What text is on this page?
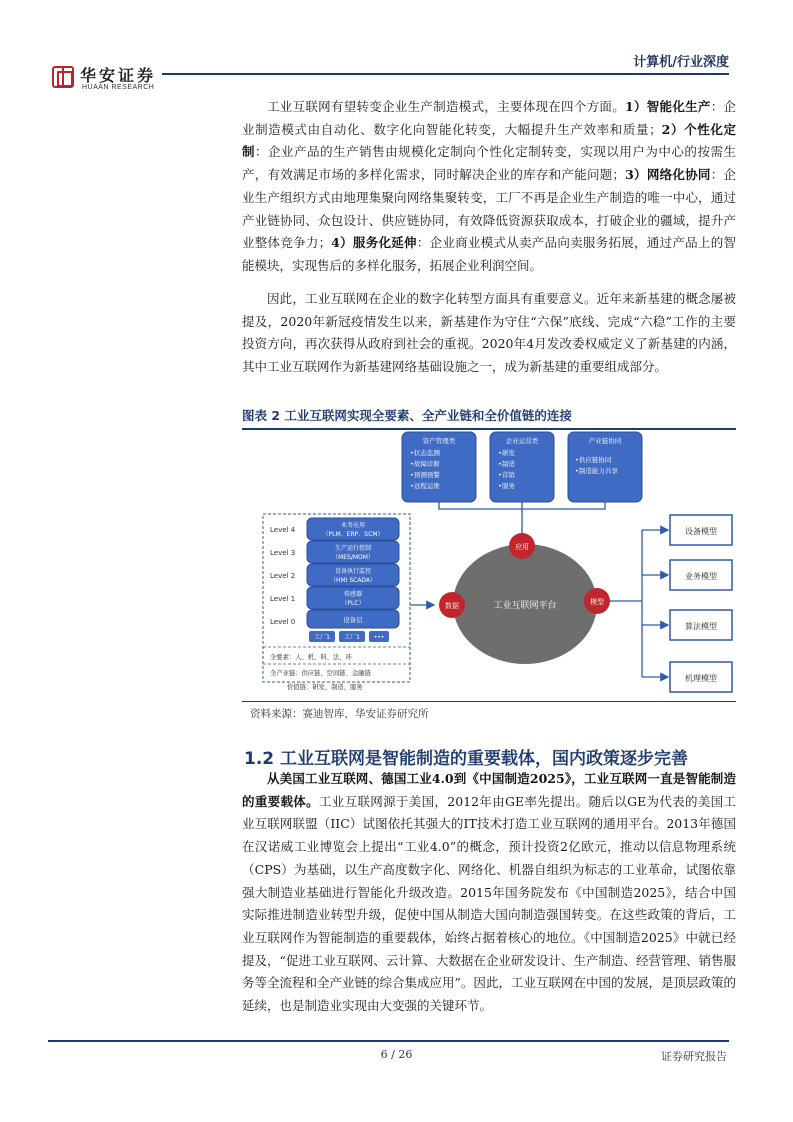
华安证券
HUAAN RESEARCH
计算机/行业深度

工业互联网有望转变企业生产制造模式，主要体现在四个方面。1）智能化生产：企业制造模式由自动化、数字化向智能化转变，大幅提升生产效率和质量；2）个性化定制：企业产品的生产销售由规模化定制向个性化定制转变，实现以用户为中心的按需生产，有效满足市场的多样化需求，同时解决企业的库存和产能问题；3）网络化协同：企业生产组织方式由地理集聚向网络集聚转变，工厂不再是企业生产制造的唯一中心，通过产业链协同、众包设计、供应链协同，有效降低资源获取成本，打破企业的疆域，提升产业整体竞争力；4）服务化延伸：企业商业模式从卖产品向卖服务拓展，通过产品上的智能模块，实现售后的多样化服务，拓展企业利润空间。

因此，工业互联网在企业的数字化转型方面具有重要意义。近年来新基建的概念屡被提及，2020年新冠疫情发生以来，新基建作为守住“六保”底线、完成“六稳”工作的主要投资方向，再次获得从政府到社会的重视。2020年4月发改委权威定义了新基建的内涵，其中工业互联网作为新基建网络基础设施之一，成为新基建的重要组成部分。

图表 2 工业互联网实现全要素、全产业链和全价值链的连接
资产管理类
•状态监测
•故障诊断
•预测预警
•远程运维
企业运营类
•研发
•制造
•营销
•服务
产业链协同
•供应链协同
•制造能力共享
Level 4
业务应用
（PLM、ERP、SCM）
Level 3
生产运行控制
（MES/MOM）
Level 2
设备执行监控
（HMI SCADA）
Level 1
传感器
（PLC）
Level 0	设备层
工厂1 工厂1 •••
全要素：人、机、料、法、环
全产业链：供应链、空间链、金融链
价值链：研发、制造、服务
工业互联网平台
应用
数据	模型
设备模型
业务模型
算法模型
机理模型
资料来源：赛迪智库，华安证券研究所
1.2 工业互联网是智能制造的重要载体，国内政策逐步完善

从美国工业互联网、德国工业4.0到《中国制造2025》，工业互联网一直是智能制造的重要载体。工业互联网源于美国，2012年由GE率先提出。随后以GE为代表的美国工业互联网联盟（IIC）试图依托其强大的IT技术打造工业互联网的通用平台。2013年德国在汉诺威工业博览会上提出“工业4.0”的概念，预计投资2亿欧元，推动以信息物理系统（CPS）为基础，以生产高度数字化、网络化、机器自组织为标志的工业革命，试图依靠强大制造业基础进行智能化升级改造。2015年国务院发布《中国制造2025》，结合中国实际推进制造业转型升级，促使中国从制造大国向制造强国转变。在这些政策的背后，工业互联网作为智能制造的重要载体，始终占据着核心的地位。《中国制造2025》中就已经提及，“促进工业互联网、云计算、大数据在企业研发设计、生产制造、经营管理、销售服务等全流程和全产业链的综合集成应用”。因此，工业互联网在中国的发展，是顶层政策的延续，也是制造业实现由大变强的关键环节。

6 / 26	证券研究报告
